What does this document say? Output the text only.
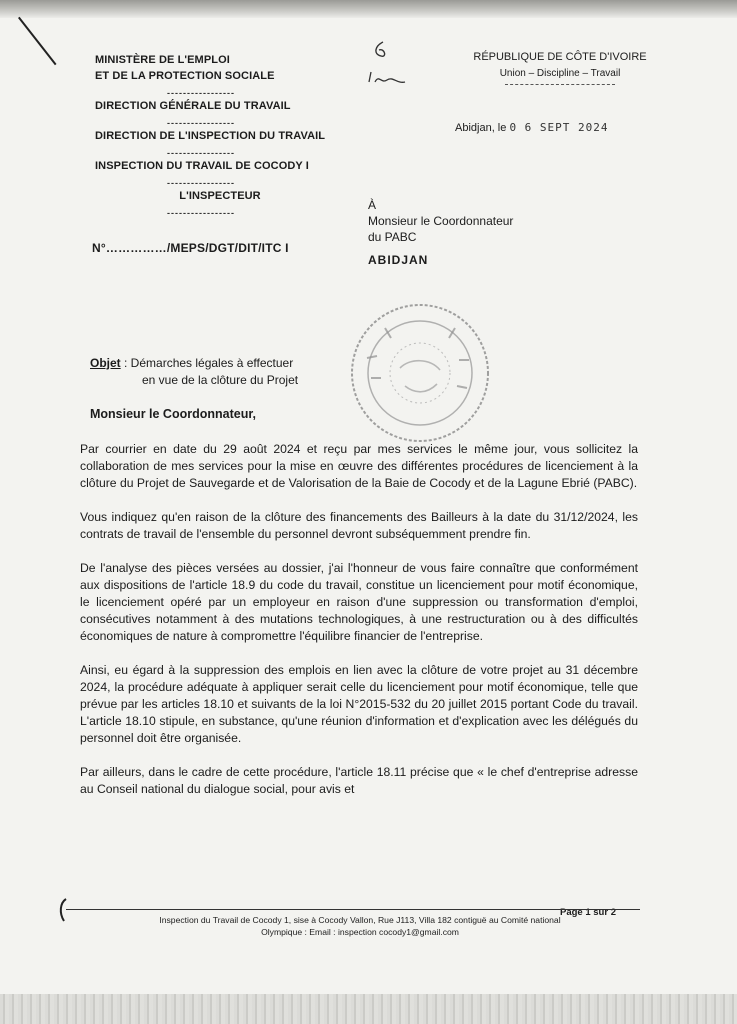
MINISTÈRE DE L'EMPLOI
ET DE LA PROTECTION SOCIALE
-----------------
DIRECTION GÉNÉRALE DU TRAVAIL
-----------------
DIRECTION DE L'INSPECTION DU TRAVAIL
-----------------
INSPECTION DU TRAVAIL DE COCODY I
-----------------
L'INSPECTEUR
-----------------
N°……………/MEPS/DGT/DIT/ITC I
RÉPUBLIQUE DE CÔTE D'IVOIRE
Union – Discipline – Travail
Abidjan, le 0 6 SEPT 2024
À
Monsieur le Coordonnateur
du PABC
ABIDJAN
Objet : Démarches légales à effectuer
en vue de la clôture du Projet
Monsieur le Coordonnateur,

Par courrier en date du 29 août 2024 et reçu par mes services le même jour, vous sollicitez la collaboration de mes services pour la mise en œuvre des différentes procédures de licenciement à la clôture du Projet de Sauvegarde et de Valorisation de la Baie de Cocody et de la Lagune Ebrié (PABC).

Vous indiquez qu'en raison de la clôture des financements des Bailleurs à la date du 31/12/2024, les contrats de travail de l'ensemble du personnel devront subséquemment prendre fin.

De l'analyse des pièces versées au dossier, j'ai l'honneur de vous faire connaître que conformément aux dispositions de l'article 18.9 du code du travail, constitue un licenciement pour motif économique, le licenciement opéré par un employeur en raison d'une suppression ou transformation d'emploi, consécutives notamment à des mutations technologiques, à une restructuration ou à des difficultés économiques de nature à compromettre l'équilibre financier de l'entreprise.

Ainsi, eu égard à la suppression des emplois en lien avec la clôture de votre projet au 31 décembre 2024, la procédure adéquate à appliquer serait celle du licenciement pour motif économique, telle que prévue par les articles 18.10 et suivants de la loi N°2015-532 du 20 juillet 2015 portant Code du travail. L'article 18.10 stipule, en substance, qu'une réunion d'information et d'explication avec les délégués du personnel doit être organisée.

Par ailleurs, dans le cadre de cette procédure, l'article 18.11 précise que « le chef d'entreprise adresse au Conseil national du dialogue social, pour avis et

Page 1 sur 2
Inspection du Travail de Cocody 1, sise à Cocody Vallon, Rue J113, Villa 182 contiguë au Comité national
Olympique : Email : inspection cocody1@gmail.com
